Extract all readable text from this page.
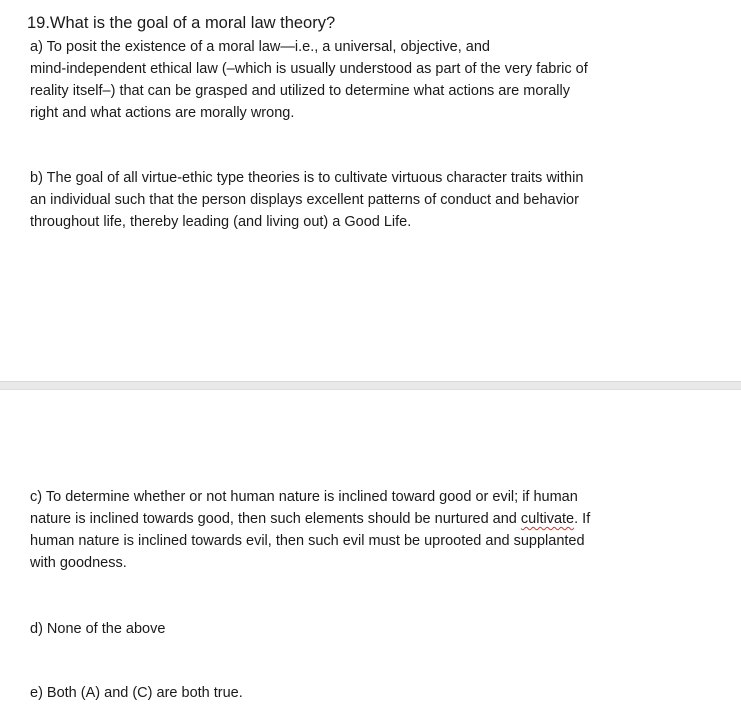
19.What is the goal of a moral law theory?
a) To posit the existence of a moral law—i.e., a universal, objective, and
mind-independent ethical law (–which is usually understood as part of the very fabric of
reality itself–) that can be grasped and utilized to determine what actions are morally
right and what actions are morally wrong.
b) The goal of all virtue-ethic type theories is to cultivate virtuous character traits within
an individual such that the person displays excellent patterns of conduct and behavior
throughout life, thereby leading (and living out) a Good Life.
c) To determine whether or not human nature is inclined toward good or evil; if human
nature is inclined towards good, then such elements should be nurtured and cultivate. If
human nature is inclined towards evil, then such evil must be uprooted and supplanted
with goodness.
d) None of the above
e) Both (A) and (C) are both true.
